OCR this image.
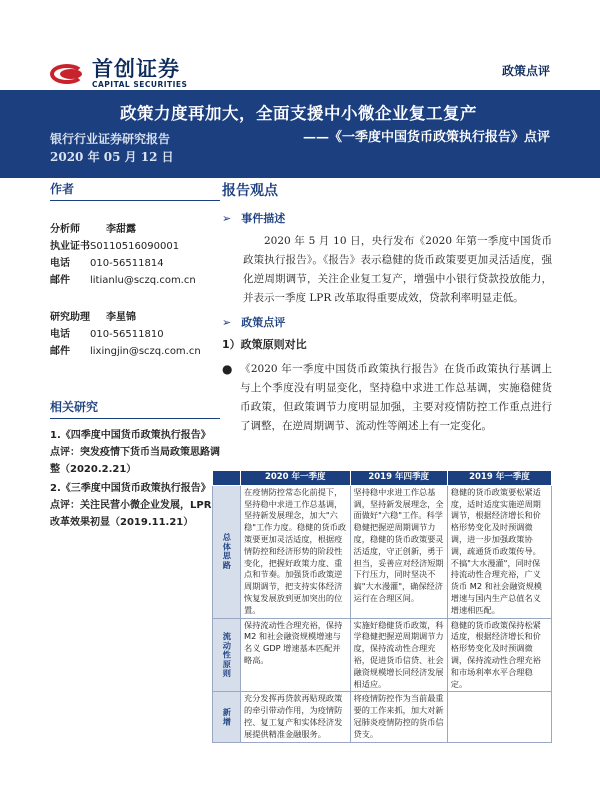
首创证券
CAPITAL SECURITIES
政策点评
政策力度再加大，全面支援中小微企业复工复产
——《一季度中国货币政策执行报告》点评
银行行业证券研究报告
2020 年 05 月 12 日
作者
分析师	李甜露
执业证书 S0110516090001
电话	010-56511814
邮件	litianlu@sczq.com.cn
研究助理	李星锦
电话	010-56511810
邮件	lixingjin@sczq.com.cn
相关研究
1.《四季度中国货币政策执行报告》点评：突发疫情下货币当局政策思路调整（2020.2.21）
2.《三季度中国货币政策执行报告》点评：关注民营小微企业发展，LPR 改革效果初显（2019.11.21）
报告观点
➢ 事件描述
2020 年 5 月 10 日，央行发布《2020 年第一季度中国货币政策执行报告》。《报告》表示稳健的货币政策要更加灵活适度，强化逆周期调节，关注企业复工复产，增强中小银行贷款投放能力，并表示一季度 LPR 改革取得重要成效，贷款利率明显走低。
➢ 政策点评
1）政策原则对比
● 《2020 年一季度中国货币政策执行报告》在货币政策执行基调上与上个季度没有明显变化，坚持稳中求进工作总基调，实施稳健货币政策，但政策调节力度明显加强，主要对疫情防控工作重点进行了调整，在逆周期调节、流动性等阐述上有一定变化。
	2020 年一季度	2019 年四季度	2019 年一季度
总体思路	在疫情防控常态化前提下，坚持稳中求进工作总基调，坚持新发展理念，加大"六稳"工作力度。稳健的货币政策要更加灵活适度，根据疫情防控和经济形势的阶段性变化，把握好政策力度、重点和节奏。加强货币政策逆周期调节，把支持实体经济恢复发展放到更加突出的位置。	坚持稳中求进工作总基调，坚持新发展理念，全面做好"六稳"工作。科学稳健把握逆周期调节力度，稳健的货币政策要灵活适度，守正创新，勇于担当，妥善应对经济短期下行压力，同时坚决不搞"大水漫灌"，确保经济运行在合理区间。	稳健的货币政策要松紧适度，适时适度实施逆周期调节，根据经济增长和价格形势变化及时预调微调，进一步加强政策协调，疏通货币政策传导。不搞"大水漫灌"，同时保持流动性合理充裕，广义货币 M2 和社会融资规模增速与国内生产总值名义增速相匹配。
流动性原则	保持流动性合理充裕，保持 M2 和社会融资规模增速与名义 GDP 增速基本匹配并略高。	实施好稳健货币政策，科学稳健把握逆周期调节力度，保持流动性合理充裕，促进货币信贷、社会融资规模增长同经济发展相适应。	稳健的货币政策保持松紧适度，根据经济增长和价格形势变化及时预调微调，保持流动性合理充裕和市场利率水平合理稳定。
新增	充分发挥再贷款再贴现政策的牵引带动作用，为疫情防控、复工复产和实体经济发展提供精准金融服务。	将疫情防控作为当前最重要的工作来抓，加大对新冠肺炎疫情防控的货币信贷支。	
